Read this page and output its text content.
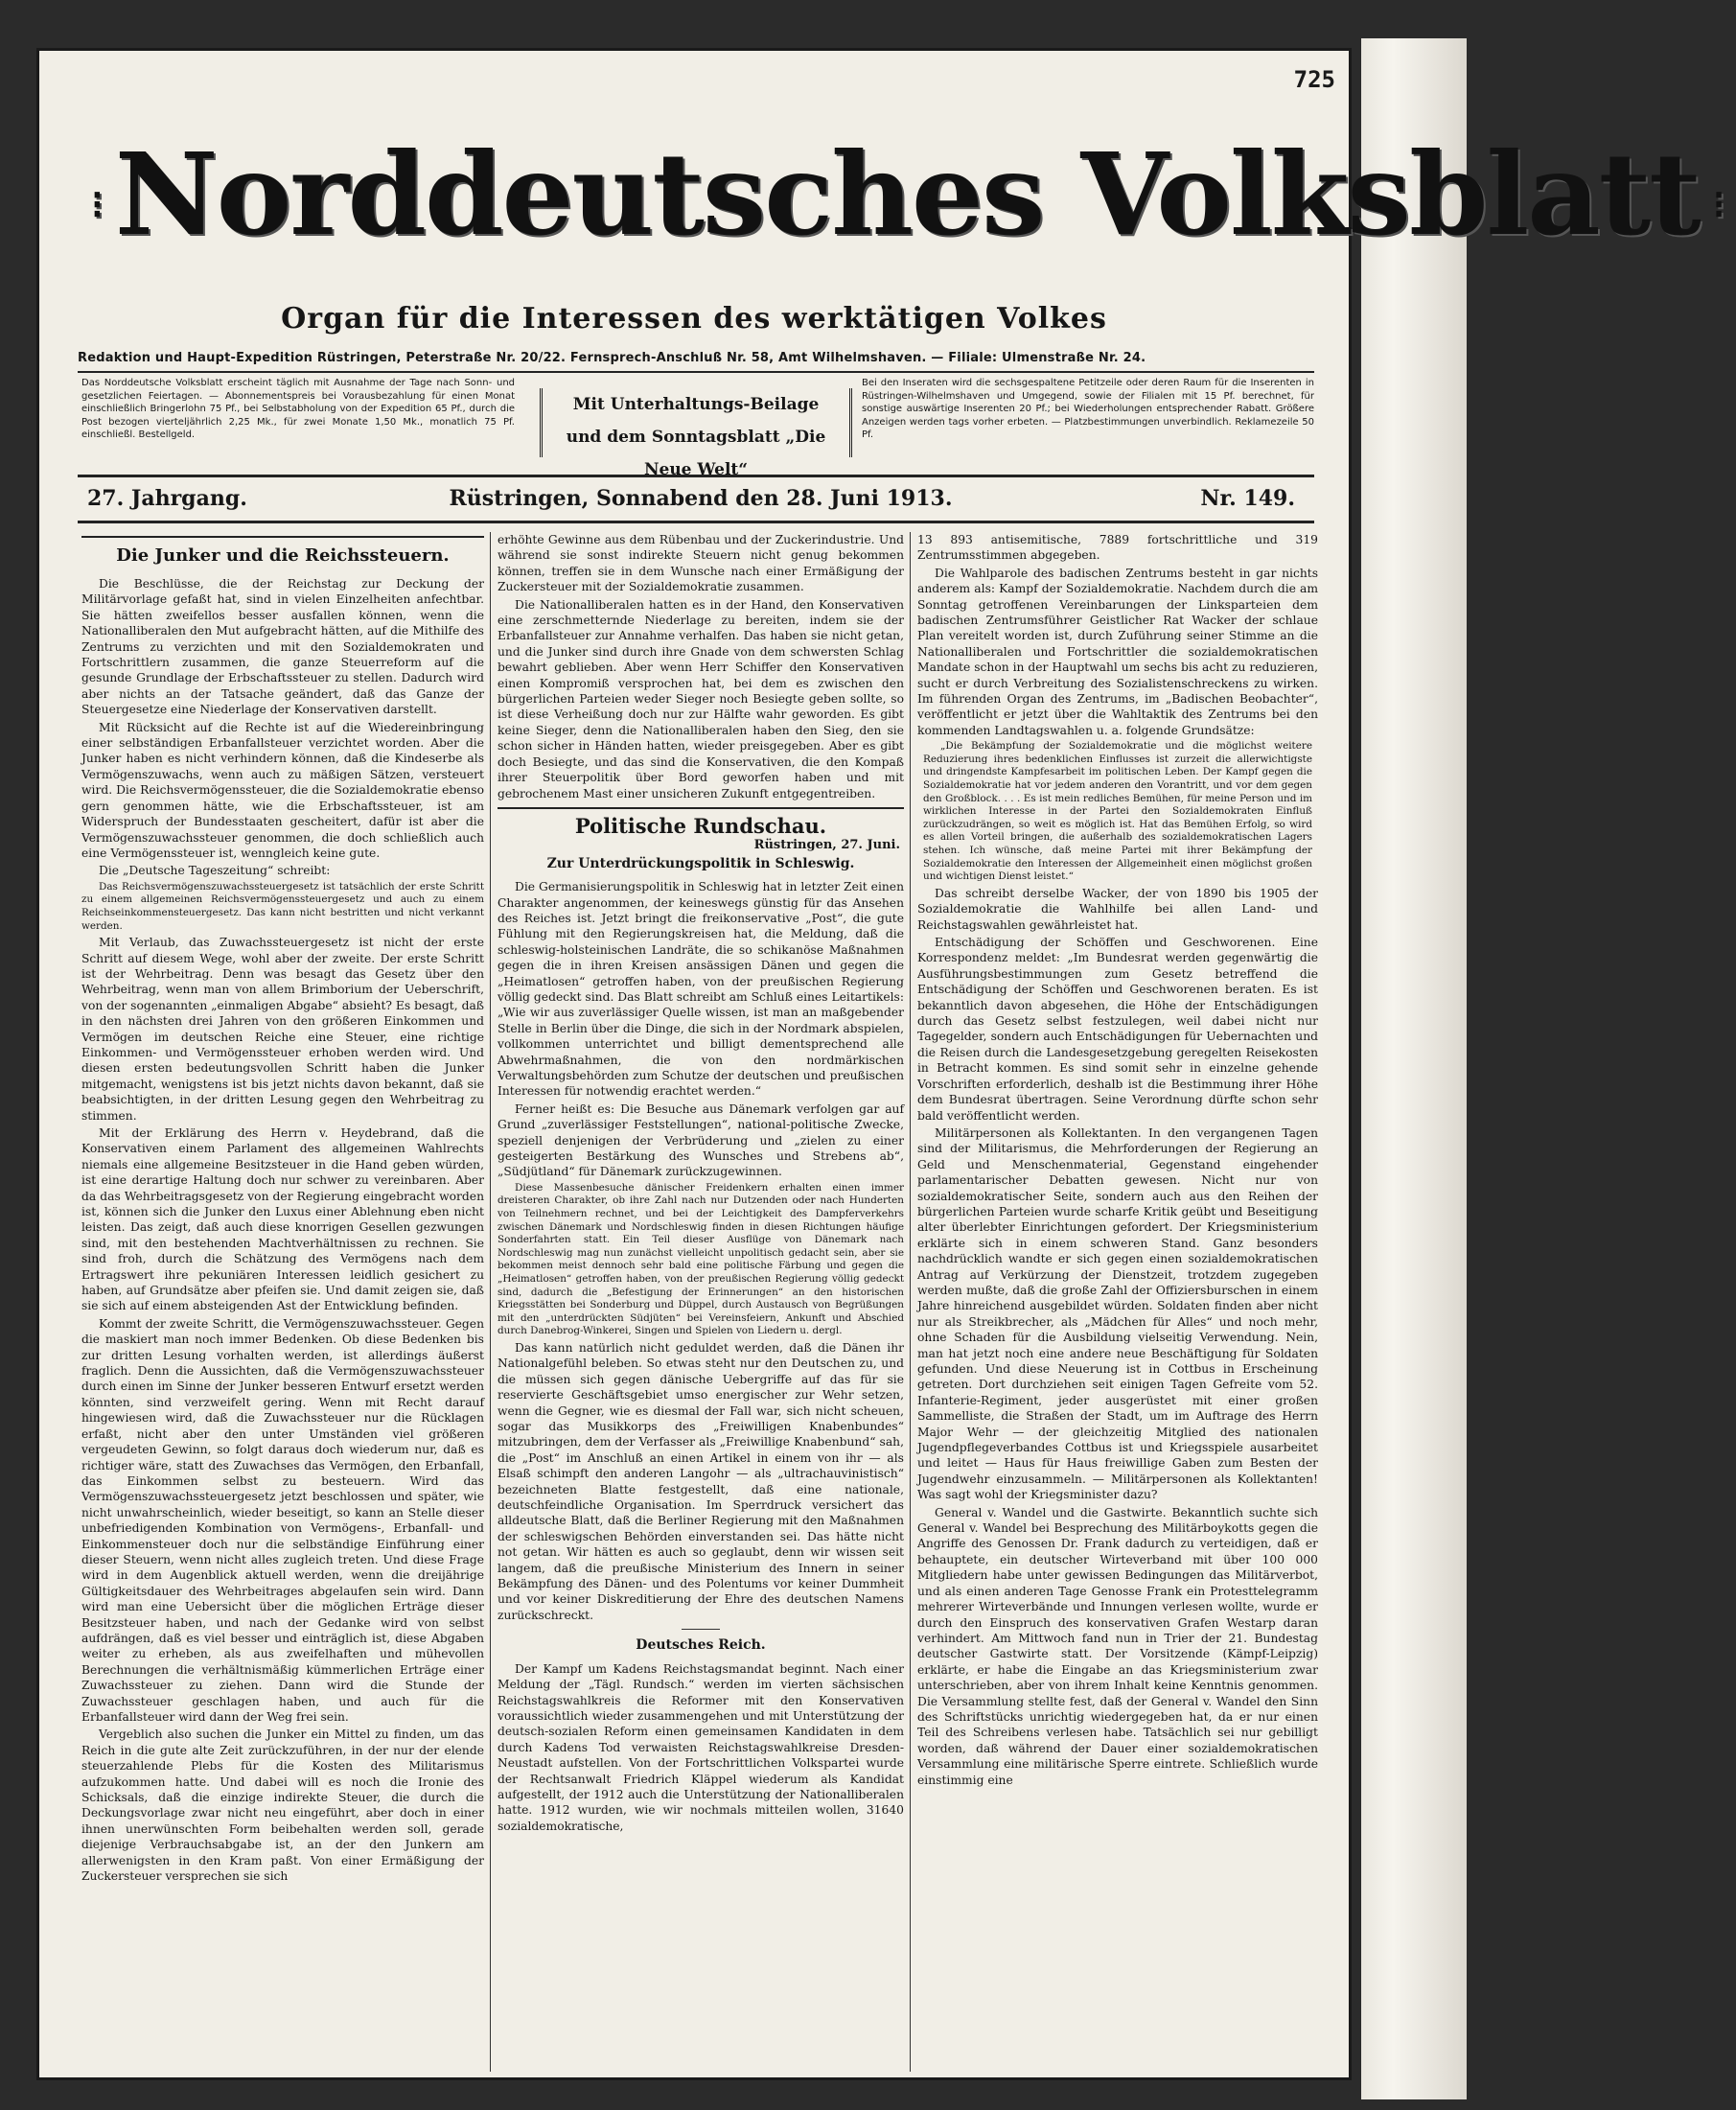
725
⁝ Norddeutsches Volksblatt ⁝
Organ für die Interessen des werktätigen Volkes
Redaktion und Haupt-Expedition Rüstringen, Peterstraße Nr. 20/22. Fernsprech-Anschluß Nr. 58, Amt Wilhelmshaven. — Filiale: Ulmenstraße Nr. 24.
Das Norddeutsche Volksblatt erscheint täglich mit Ausnahme der Tage nach Sonn- und gesetzlichen Feiertagen. — Abonnementspreis bei Vorausbezahlung für einen Monat einschließlich Bringerlohn 75 Pf., bei Selbstabholung von der Expedition 65 Pf., durch die Post bezogen vierteljährlich 2,25 Mk., für zwei Monate 1,50 Mk., monatlich 75 Pf. einschließl. Bestellgeld.
Mit Unterhaltungs-Beilage
und dem Sonntagsblatt „Die Neue Welt“
Bei den Inseraten wird die sechsgespaltene Petitzeile oder deren Raum für die Inserenten in Rüstringen-Wilhelmshaven und Umgegend, sowie der Filialen mit 15 Pf. berechnet, für sonstige auswärtige Inserenten 20 Pf.; bei Wiederholungen entsprechender Rabatt. Größere Anzeigen werden tags vorher erbeten. — Platzbestimmungen unverbindlich. Reklamezeile 50 Pf.
27. Jahrgang.	Rüstringen, Sonnabend den 28. Juni 1913.	Nr. 149.
Die Junker und die Reichssteuern.

Die Beschlüsse, die der Reichstag zur Deckung der Militärvorlage gefaßt hat, sind in vielen Einzelheiten anfechtbar. Sie hätten zweifellos besser ausfallen können, wenn die Nationalliberalen den Mut aufgebracht hätten, auf die Mithilfe des Zentrums zu verzichten und mit den Sozialdemokraten und Fortschrittlern zusammen, die ganze Steuerreform auf die gesunde Grundlage der Erbschaftssteuer zu stellen. Dadurch wird aber nichts an der Tatsache geändert, daß das Ganze der Steuergesetze eine Niederlage der Konservativen darstellt.

Mit Rücksicht auf die Rechte ist auf die Wiedereinbringung einer selbständigen Erbanfallsteuer verzichtet worden. Aber die Junker haben es nicht verhindern können, daß die Kindeserbe als Vermögenszuwachs, wenn auch zu mäßigen Sätzen, versteuert wird. Die Reichsvermögenssteuer, die die Sozialdemokratie ebenso gern genommen hätte, wie die Erbschaftssteuer, ist am Widerspruch der Bundesstaaten gescheitert, dafür ist aber die Vermögenszuwachssteuer genommen, die doch schließlich auch eine Vermögenssteuer ist, wenngleich keine gute.

Die „Deutsche Tageszeitung“ schreibt:

Das Reichsvermögenszuwachssteuergesetz ist tatsächlich der erste Schritt zu einem allgemeinen Reichsvermögenssteuergesetz und auch zu einem Reichseinkommensteuergesetz. Das kann nicht bestritten und nicht verkannt werden.

Mit Verlaub, das Zuwachssteuergesetz ist nicht der erste Schritt auf diesem Wege, wohl aber der zweite. Der erste Schritt ist der Wehrbeitrag. Denn was besagt das Gesetz über den Wehrbeitrag, wenn man von allem Brimborium der Ueberschrift, von der sogenannten „einmaligen Abgabe“ absieht? Es besagt, daß in den nächsten drei Jahren von den größeren Einkommen und Vermögen im deutschen Reiche eine Steuer, eine richtige Einkommen- und Vermögenssteuer erhoben werden wird. Und diesen ersten bedeutungsvollen Schritt haben die Junker mitgemacht, wenigstens ist bis jetzt nichts davon bekannt, daß sie beabsichtigten, in der dritten Lesung gegen den Wehrbeitrag zu stimmen.

Mit der Erklärung des Herrn v. Heydebrand, daß die Konservativen einem Parlament des allgemeinen Wahlrechts niemals eine allgemeine Besitzsteuer in die Hand geben würden, ist eine derartige Haltung doch nur schwer zu vereinbaren. Aber da das Wehrbeitragsgesetz von der Regierung eingebracht worden ist, können sich die Junker den Luxus einer Ablehnung eben nicht leisten. Das zeigt, daß auch diese knorrigen Gesellen gezwungen sind, mit den bestehenden Machtverhältnissen zu rechnen. Sie sind froh, durch die Schätzung des Vermögens nach dem Ertragswert ihre pekuniären Interessen leidlich gesichert zu haben, auf Grundsätze aber pfeifen sie. Und damit zeigen sie, daß sie sich auf einem absteigenden Ast der Entwicklung befinden.

Kommt der zweite Schritt, die Vermögenszuwachssteuer. Gegen die maskiert man noch immer Bedenken. Ob diese Bedenken bis zur dritten Lesung vorhalten werden, ist allerdings äußerst fraglich. Denn die Aussichten, daß die Vermögenszuwachssteuer durch einen im Sinne der Junker besseren Entwurf ersetzt werden könnten, sind verzweifelt gering. Wenn mit Recht darauf hingewiesen wird, daß die Zuwachssteuer nur die Rücklagen erfaßt, nicht aber den unter Umständen viel größeren vergeudeten Gewinn, so folgt daraus doch wiederum nur, daß es richtiger wäre, statt des Zuwachses das Vermögen, den Erbanfall, das Einkommen selbst zu besteuern. Wird das Vermögenszuwachssteuergesetz jetzt beschlossen und später, wie nicht unwahrscheinlich, wieder beseitigt, so kann an Stelle dieser unbefriedigenden Kombination von Vermögens-, Erbanfall- und Einkommensteuer doch nur die selbständige Einführung einer dieser Steuern, wenn nicht alles zugleich treten. Und diese Frage wird in dem Augenblick aktuell werden, wenn die dreijährige Gültigkeitsdauer des Wehrbeitrages abgelaufen sein wird. Dann wird man eine Uebersicht über die möglichen Erträge dieser Besitzsteuer haben, und nach der Gedanke wird von selbst aufdrängen, daß es viel besser und einträglich ist, diese Abgaben weiter zu erheben, als aus zweifelhaften und mühevollen Berechnungen die verhältnismäßig kümmerlichen Erträge einer Zuwachssteuer zu ziehen. Dann wird die Stunde der Zuwachssteuer geschlagen haben, und auch für die Erbanfallsteuer wird dann der Weg frei sein.

Vergeblich also suchen die Junker ein Mittel zu finden, um das Reich in die gute alte Zeit zurückzuführen, in der nur der elende steuerzahlende Plebs für die Kosten des Militarismus aufzukommen hatte. Und dabei will es noch die Ironie des Schicksals, daß die einzige indirekte Steuer, die durch die Deckungsvorlage zwar nicht neu eingeführt, aber doch in einer ihnen unerwünschten Form beibehalten werden soll, gerade diejenige Verbrauchsabgabe ist, an der den Junkern am allerwenigsten in den Kram paßt. Von einer Ermäßigung der Zuckersteuer versprechen sie sich

erhöhte Gewinne aus dem Rübenbau und der Zuckerindustrie. Und während sie sonst indirekte Steuern nicht genug bekommen können, treffen sie in dem Wunsche nach einer Ermäßigung der Zuckersteuer mit der Sozialdemokratie zusammen.

Die Nationalliberalen hatten es in der Hand, den Konservativen eine zerschmetternde Niederlage zu bereiten, indem sie der Erbanfallsteuer zur Annahme verhalfen. Das haben sie nicht getan, und die Junker sind durch ihre Gnade von dem schwersten Schlag bewahrt geblieben. Aber wenn Herr Schiffer den Konservativen einen Kompromiß versprochen hat, bei dem es zwischen den bürgerlichen Parteien weder Sieger noch Besiegte geben sollte, so ist diese Verheißung doch nur zur Hälfte wahr geworden. Es gibt keine Sieger, denn die Nationalliberalen haben den Sieg, den sie schon sicher in Händen hatten, wieder preisgegeben. Aber es gibt doch Besiegte, und das sind die Konservativen, die den Kompaß ihrer Steuerpolitik über Bord geworfen haben und mit gebrochenem Mast einer unsicheren Zukunft entgegentreiben.

Politische Rundschau.
Rüstringen, 27. Juni.
Zur Unterdrückungspolitik in Schleswig.

Die Germanisierungspolitik in Schleswig hat in letzter Zeit einen Charakter angenommen, der keineswegs günstig für das Ansehen des Reiches ist. Jetzt bringt die freikonservative „Post“, die gute Fühlung mit den Regierungskreisen hat, die Meldung, daß die schleswig-holsteinischen Landräte, die so schikanöse Maßnahmen gegen die in ihren Kreisen ansässigen Dänen und gegen die „Heimatlosen“ getroffen haben, von der preußischen Regierung völlig gedeckt sind. Das Blatt schreibt am Schluß eines Leitartikels: „Wie wir aus zuverlässiger Quelle wissen, ist man an maßgebender Stelle in Berlin über die Dinge, die sich in der Nordmark abspielen, vollkommen unterrichtet und billigt dementsprechend alle Abwehrmaßnahmen, die von den nordmärkischen Verwaltungsbehörden zum Schutze der deutschen und preußischen Interessen für notwendig erachtet werden.“

Ferner heißt es: Die Besuche aus Dänemark verfolgen gar auf Grund „zuverlässiger Feststellungen“, national-politische Zwecke, speziell denjenigen der Verbrüderung und „zielen zu einer gesteigerten Bestärkung des Wunsches und Strebens ab“, „Südjütland“ für Dänemark zurückzugewinnen.

Diese Massenbesuche dänischer Freidenkern erhalten einen immer dreisteren Charakter, ob ihre Zahl nach nur Dutzenden oder nach Hunderten von Teilnehmern rechnet, und bei der Leichtigkeit des Dampferverkehrs zwischen Dänemark und Nordschleswig finden in diesen Richtungen häufige Sonderfahrten statt. Ein Teil dieser Ausflüge von Dänemark nach Nordschleswig mag nun zunächst vielleicht unpolitisch gedacht sein, aber sie bekommen meist dennoch sehr bald eine politische Färbung und gegen die „Heimatlosen“ getroffen haben, von der preußischen Regierung völlig gedeckt sind, dadurch die „Befestigung der Erinnerungen“ an den historischen Kriegsstätten bei Sonderburg und Düppel, durch Austausch von Begrüßungen mit den „unterdrückten Südjüten“ bei Vereinsfeiern, Ankunft und Abschied durch Danebrog-Winkerei, Singen und Spielen von Liedern u. dergl.

Das kann natürlich nicht geduldet werden, daß die Dänen ihr Nationalgefühl beleben. So etwas steht nur den Deutschen zu, und die müssen sich gegen dänische Uebergriffe auf das für sie reservierte Geschäftsgebiet umso energischer zur Wehr setzen, wenn die Gegner, wie es diesmal der Fall war, sich nicht scheuen, sogar das Musikkorps des „Freiwilligen Knabenbundes“ mitzubringen, dem der Verfasser als „Freiwillige Knabenbund“ sah, die „Post“ im Anschluß an einen Artikel in einem von ihr — als Elsaß schimpft den anderen Langohr — als „ultrachauvinistisch“ bezeichneten Blatte festgestellt, daß eine nationale, deutschfeindliche Organisation. Im Sperrdruck versichert das alldeutsche Blatt, daß die Berliner Regierung mit den Maßnahmen der schleswigschen Behörden einverstanden sei. Das hätte nicht not getan. Wir hätten es auch so geglaubt, denn wir wissen seit langem, daß die preußische Ministerium des Innern in seiner Bekämpfung des Dänen- und des Polentums vor keiner Dummheit und vor keiner Diskreditierung der Ehre des deutschen Namens zurückschreckt.

Deutsches Reich.

Der Kampf um Kadens Reichstagsmandat beginnt. Nach einer Meldung der „Tägl. Rundsch.“ werden im vierten sächsischen Reichstagswahlkreis die Reformer mit den Konservativen voraussichtlich wieder zusammengehen und mit Unterstützung der deutsch-sozialen Reform einen gemeinsamen Kandidaten in dem durch Kadens Tod verwaisten Reichstagswahlkreise Dresden-Neustadt aufstellen. Von der Fortschrittlichen Volkspartei wurde der Rechtsanwalt Friedrich Kläppel wiederum als Kandidat aufgestellt, der 1912 auch die Unterstützung der Nationalliberalen hatte. 1912 wurden, wie wir nochmals mitteilen wollen, 31640 sozialdemokratische,

13 893 antisemitische, 7889 fortschrittliche und 319 Zentrumsstimmen abgegeben.

Die Wahlparole des badischen Zentrums besteht in gar nichts anderem als: Kampf der Sozialdemokratie. Nachdem durch die am Sonntag getroffenen Vereinbarungen der Linksparteien dem badischen Zentrumsführer Geistlicher Rat Wacker der schlaue Plan vereitelt worden ist, durch Zuführung seiner Stimme an die Nationalliberalen und Fortschrittler die sozialdemokratischen Mandate schon in der Hauptwahl um sechs bis acht zu reduzieren, sucht er durch Verbreitung des Sozialistenschreckens zu wirken. Im führenden Organ des Zentrums, im „Badischen Beobachter“, veröffentlicht er jetzt über die Wahltaktik des Zentrums bei den kommenden Landtagswahlen u. a. folgende Grundsätze:

„Die Bekämpfung der Sozialdemokratie und die möglichst weitere Reduzierung ihres bedenklichen Einflusses ist zurzeit die allerwichtigste und dringendste Kampfesarbeit im politischen Leben. Der Kampf gegen die Sozialdemokratie hat vor jedem anderen den Vorantritt, und vor dem gegen den Großblock. . . . Es ist mein redliches Bemühen, für meine Person und im wirklichen Interesse in der Partei den Sozialdemokraten Einfluß zurückzudrängen, so weit es möglich ist. Hat das Bemühen Erfolg, so wird es allen Vorteil bringen, die außerhalb des sozialdemokratischen Lagers stehen. Ich wünsche, daß meine Partei mit ihrer Bekämpfung der Sozialdemokratie den Interessen der Allgemeinheit einen möglichst großen und wichtigen Dienst leistet.“

Das schreibt derselbe Wacker, der von 1890 bis 1905 der Sozialdemokratie die Wahlhilfe bei allen Land- und Reichstagswahlen gewährleistet hat.

Entschädigung der Schöffen und Geschworenen. Eine Korrespondenz meldet: „Im Bundesrat werden gegenwärtig die Ausführungsbestimmungen zum Gesetz betreffend die Entschädigung der Schöffen und Geschworenen beraten. Es ist bekanntlich davon abgesehen, die Höhe der Entschädigungen durch das Gesetz selbst festzulegen, weil dabei nicht nur Tagegelder, sondern auch Entschädigungen für Uebernachten und die Reisen durch die Landesgesetzgebung geregelten Reisekosten in Betracht kommen. Es sind somit sehr in einzelne gehende Vorschriften erforderlich, deshalb ist die Bestimmung ihrer Höhe dem Bundesrat übertragen. Seine Verordnung dürfte schon sehr bald veröffentlicht werden.

Militärpersonen als Kollektanten. In den vergangenen Tagen sind der Militarismus, die Mehrforderungen der Regierung an Geld und Menschenmaterial, Gegenstand eingehender parlamentarischer Debatten gewesen. Nicht nur von sozialdemokratischer Seite, sondern auch aus den Reihen der bürgerlichen Parteien wurde scharfe Kritik geübt und Beseitigung alter überlebter Einrichtungen gefordert. Der Kriegsministerium erklärte sich in einem schweren Stand. Ganz besonders nachdrücklich wandte er sich gegen einen sozialdemokratischen Antrag auf Verkürzung der Dienstzeit, trotzdem zugegeben werden mußte, daß die große Zahl der Offiziersburschen in einem Jahre hinreichend ausgebildet würden. Soldaten finden aber nicht nur als Streikbrecher, als „Mädchen für Alles“ und noch mehr, ohne Schaden für die Ausbildung vielseitig Verwendung. Nein, man hat jetzt noch eine andere neue Beschäftigung für Soldaten gefunden. Und diese Neuerung ist in Cottbus in Erscheinung getreten. Dort durchziehen seit einigen Tagen Gefreite vom 52. Infanterie-Regiment, jeder ausgerüstet mit einer großen Sammelliste, die Straßen der Stadt, um im Auftrage des Herrn Major Wehr — der gleichzeitig Mitglied des nationalen Jugendpflegeverbandes Cottbus ist und Kriegsspiele ausarbeitet und leitet — Haus für Haus freiwillige Gaben zum Besten der Jugendwehr einzusammeln. — Militärpersonen als Kollektanten! Was sagt wohl der Kriegsminister dazu?

General v. Wandel und die Gastwirte. Bekanntlich suchte sich General v. Wandel bei Besprechung des Militärboykotts gegen die Angriffe des Genossen Dr. Frank dadurch zu verteidigen, daß er behauptete, ein deutscher Wirteverband mit über 100 000 Mitgliedern habe unter gewissen Bedingungen das Militärverbot, und als einen anderen Tage Genosse Frank ein Protesttelegramm mehrerer Wirteverbände und Innungen verlesen wollte, wurde er durch den Einspruch des konservativen Grafen Westarp daran verhindert. Am Mittwoch fand nun in Trier der 21. Bundestag deutscher Gastwirte statt. Der Vorsitzende (Kämpf-Leipzig) erklärte, er habe die Eingabe an das Kriegsministerium zwar unterschrieben, aber von ihrem Inhalt keine Kenntnis genommen. Die Versammlung stellte fest, daß der General v. Wandel den Sinn des Schriftstücks unrichtig wiedergegeben hat, da er nur einen Teil des Schreibens verlesen habe. Tatsächlich sei nur gebilligt worden, daß während der Dauer einer sozialdemokratischen Versammlung eine militärische Sperre eintrete. Schließlich wurde einstimmig eine
